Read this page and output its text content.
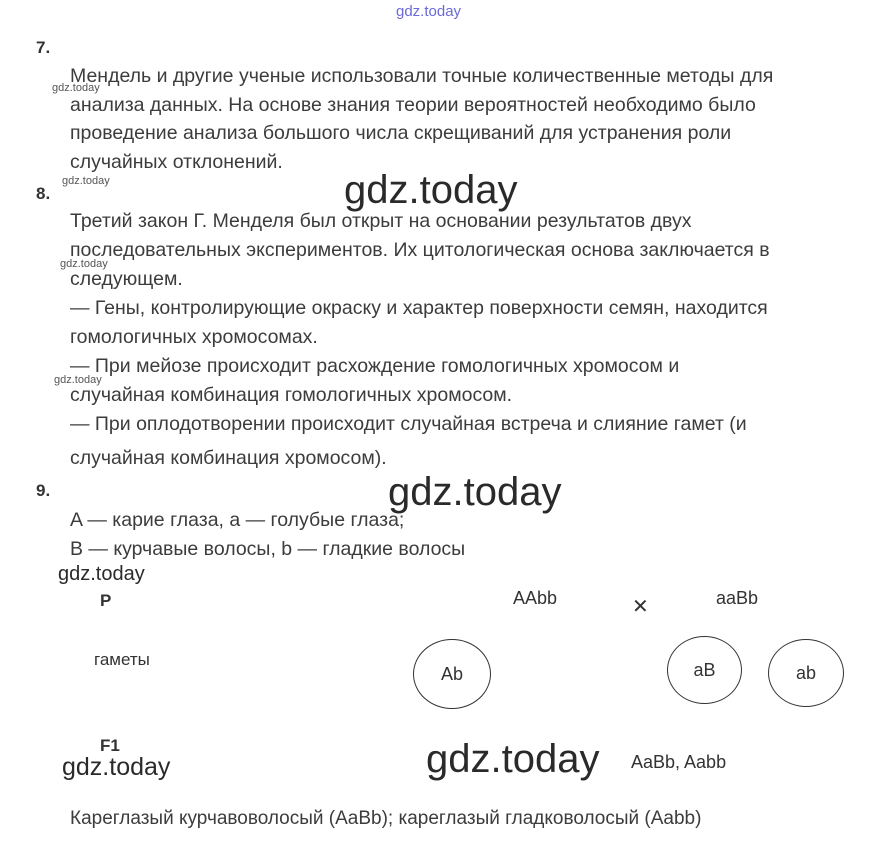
gdz.today
7.
Мендель и другие ученые использовали точные количественные методы для
анализа данных. На основе знания теории вероятностей необходимо было
проведение анализа большого числа скрещиваний для устранения роли
случайных отклонений.
gdz.today
8.
gdz.today	gdz.today
Третий закон Г. Менделя был открыт на основании результатов двух
последовательных экспериментов. Их цитологическая основа заключается в
следующем.
gdz.today
— Гены, контролирующие окраску и характер поверхности семян, находится
гомологичных хромосомах.
— При мейозе происходит расхождение гомологичных хромосом и
gdz.today
случайная комбинация гомологичных хромосом.
— При оплодотворении происходит случайная встреча и слияние гамет (и
случайная комбинация хромосом).
9.	gdz.today
A — карие глаза, a — голубые глаза;
B — курчавые волосы, b — гладкие волосы
gdz.today
P	AAbb	✕	aaBb
гаметы
Ab	aB	ab
F1
gdz.today	gdz.today AaBb, Aabb
Кареглазый курчавоволосый (AaBb); кареглазый гладковолосый (Aabb)
